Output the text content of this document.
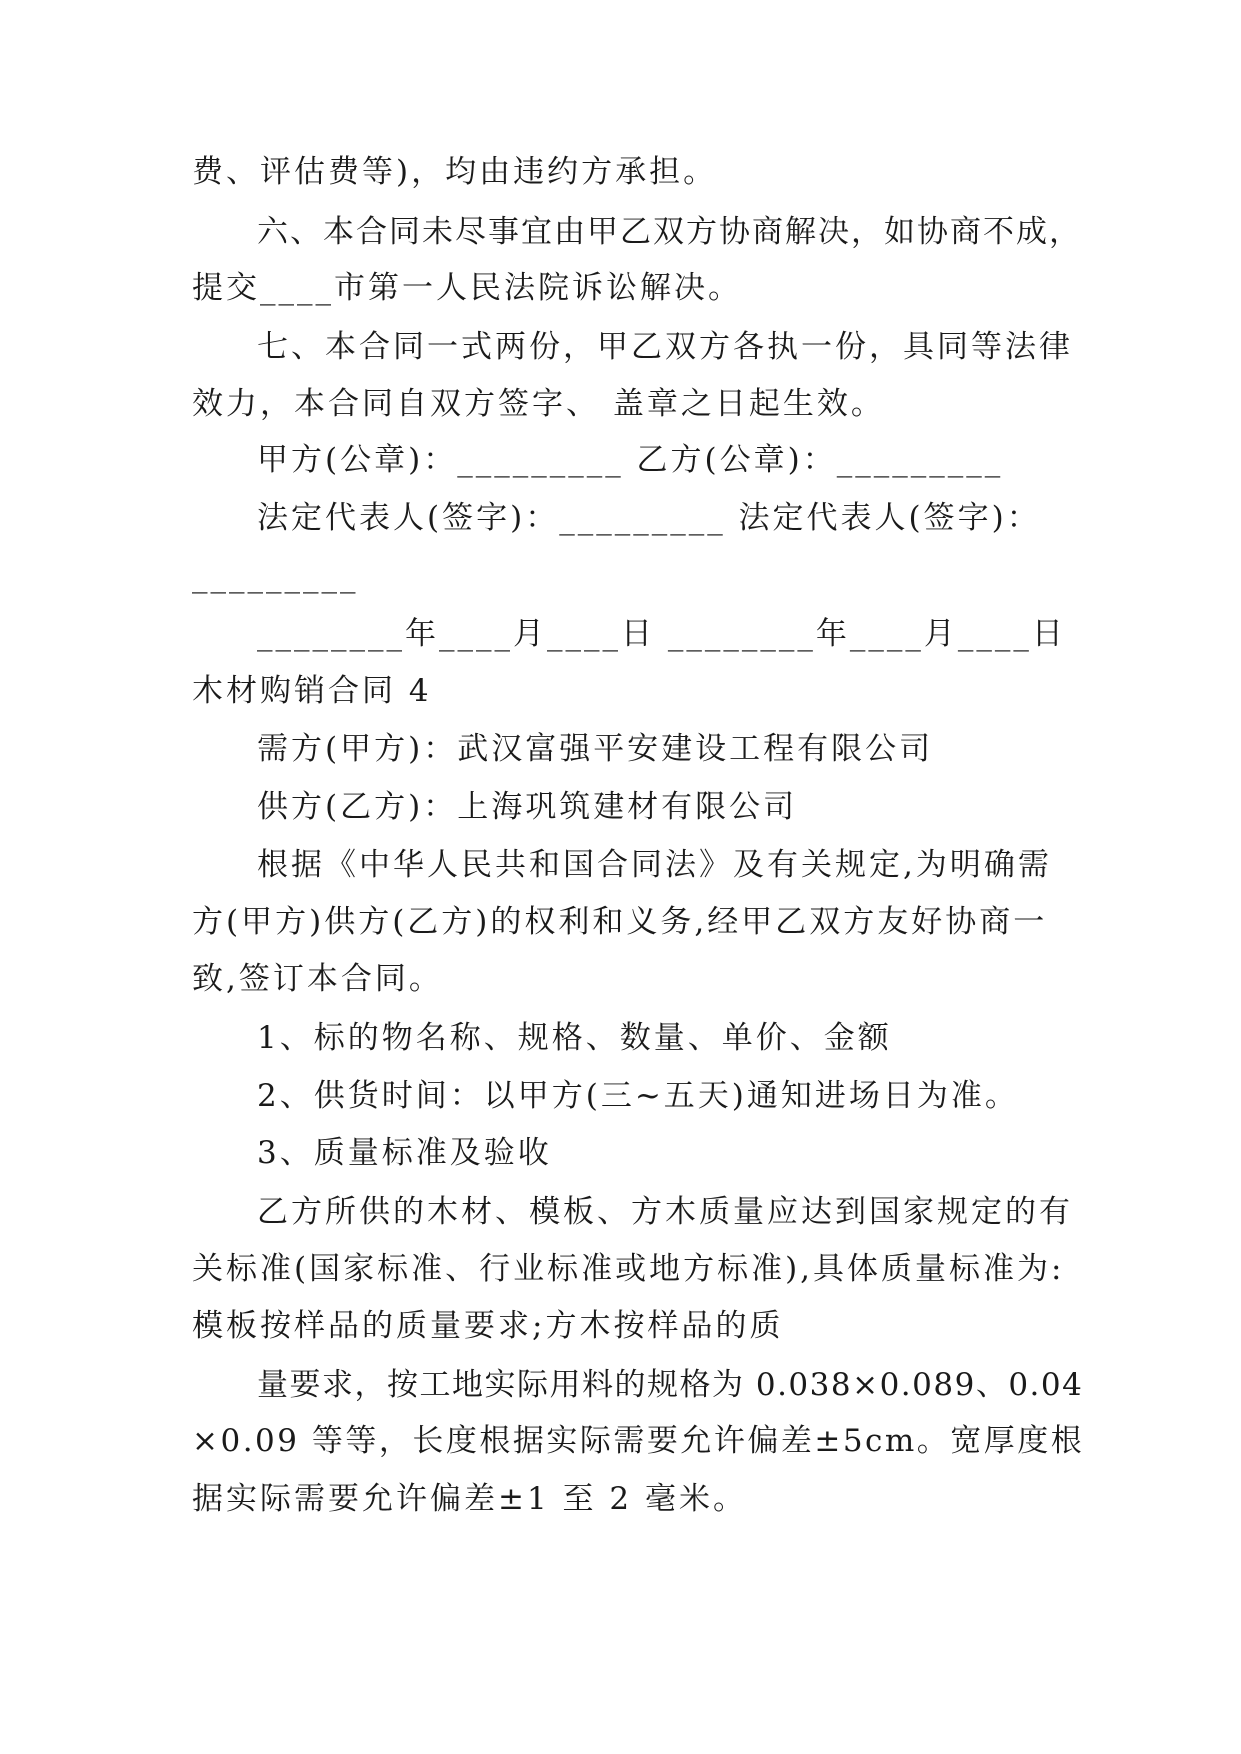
费、评估费等)，均由违约方承担。
六、本合同未尽事宜由甲乙双方协商解决，如协商不成，
提交____市第一人民法院诉讼解决。
七、本合同一式两份，甲乙双方各执一份，具同等法律
效力，本合同自双方签字、 盖章之日起生效。
甲方(公章)：_________ 乙方(公章)：_________
法定代表人(签字)：_________ 法定代表人(签字)：
_________
________年____月____日 ________年____月____日
木材购销合同 4
需方(甲方)：武汉富强平安建设工程有限公司
供方(乙方)：上海巩筑建材有限公司
根据《中华人民共和国合同法》及有关规定,为明确需
方(甲方)供方(乙方)的权利和义务,经甲乙双方友好协商一
致,签订本合同。
1、标的物名称、规格、数量、单价、金额
2、供货时间：以甲方(三~五天)通知进场日为准。
3、质量标准及验收
乙方所供的木材、模板、方木质量应达到国家规定的有
关标准(国家标准、行业标准或地方标准),具体质量标准为:
模板按样品的质量要求;方木按样品的质
量要求，按工地实际用料的规格为 0.038×0.089、0.04
×0.09 等等，长度根据实际需要允许偏差±5cm。宽厚度根
据实际需要允许偏差±1 至 2 毫米。
